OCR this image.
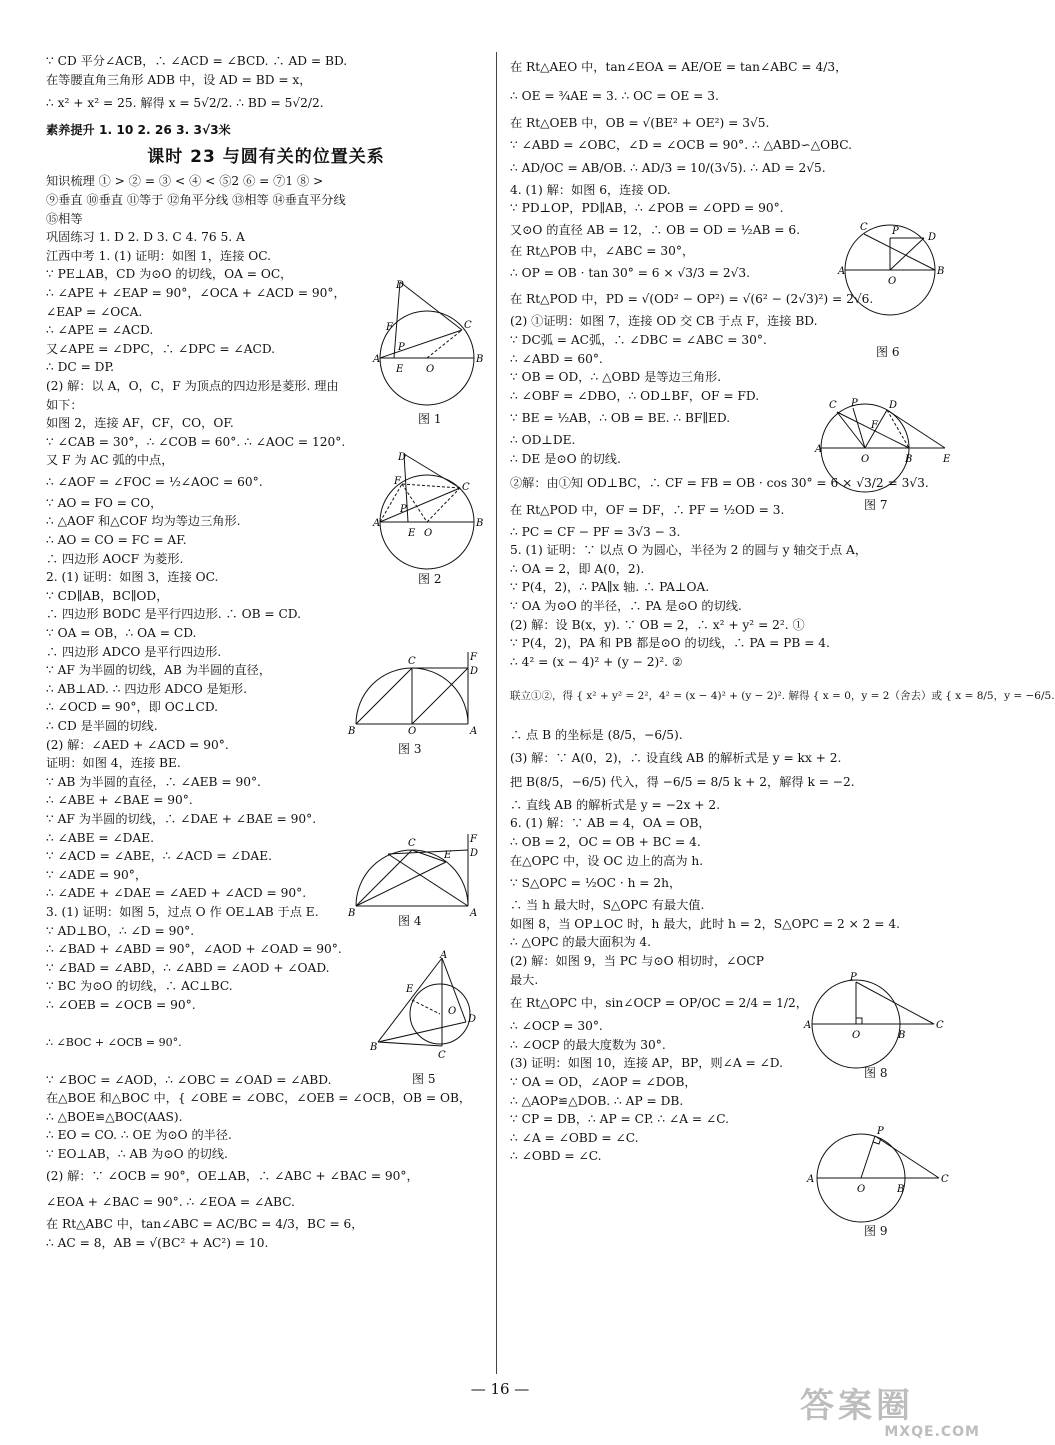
∵ CD 平分∠ACB，∴ ∠ACD = ∠BCD. ∴ AD = BD.
在等腰直角三角形 ADB 中，设 AD = BD = x，
∴ x² + x² = 25. 解得 x = 5√2/2. ∴ BD = 5√2/2.
素养提升 1. 10 2. 26 3. 3√3米
课时 23 与圆有关的位置关系
知识梳理 ① > ② = ③ < ④ < ⑤2 ⑥ = ⑦1 ⑧ >
⑨垂直 ⑩垂直 ⑪等于 ⑫角平分线 ⑬相等 ⑭垂直平分线
⑮相等
巩固练习 1. D 2. D 3. C 4. 76 5. A
江西中考 1. (1) 证明：如图 1，连接 OC.
∵ PE⊥AB，CD 为⊙O 的切线，OA = OC，
∴ ∠APE + ∠EAP = 90°，∠OCA + ∠ACD = 90°，
∠EAP = ∠OCA.
∴ ∠APE = ∠ACD.
又∠APE = ∠DPC，∴ ∠DPC = ∠ACD.
∴ DC = DP.
(2) 解：以 A，O，C，F 为顶点的四边形是菱形. 理由
如下：
如图 2，连接 AF，CF，CO，OF.
∵ ∠CAB = 30°，∴ ∠COB = 60°. ∴ ∠AOC = 120°.
又 F 为 AC 弧的中点，
∴ ∠AOF = ∠FOC = ½∠AOC = 60°.
∵ AO = FO = CO，
∴ △AOF 和△COF 均为等边三角形.
∴ AO = CO = FC = AF.
∴ 四边形 AOCF 为菱形.
2. (1) 证明：如图 3，连接 OC.
∵ CD∥AB，BC∥OD，
∴ 四边形 BODC 是平行四边形. ∴ OB = CD.
∵ OA = OB，∴ OA = CD.
∴ 四边形 ADCO 是平行四边形.
∵ AF 为半圆的切线，AB 为半圆的直径，
∴ AB⊥AD. ∴ 四边形 ADCO 是矩形.
∴ ∠OCD = 90°，即 OC⊥CD.
∴ CD 是半圆的切线.
(2) 解：∠AED + ∠ACD = 90°.
证明：如图 4，连接 BE.
∵ AB 为半圆的直径，∴ ∠AEB = 90°.
∴ ∠ABE + ∠BAE = 90°.
∵ AF 为半圆的切线，∴ ∠DAE + ∠BAE = 90°.
∴ ∠ABE = ∠DAE.
∵ ∠ACD = ∠ABE，∴ ∠ACD = ∠DAE.
∵ ∠ADE = 90°，
∴ ∠ADE + ∠DAE = ∠AED + ∠ACD = 90°.
3. (1) 证明：如图 5，过点 O 作 OE⊥AB 于点 E.
∵ AD⊥BO，∴ ∠D = 90°.
∴ ∠BAD + ∠ABD = 90°，∠AOD + ∠OAD = 90°.
∵ ∠BAD = ∠ABD，∴ ∠ABD = ∠AOD + ∠OAD.
∵ BC 为⊙O 的切线，∴ AC⊥BC.
∴ ∠OEB = ∠OCB = 90°.
∴ ∠BOC + ∠OCB = 90°.
∵ ∠BOC = ∠AOD，∴ ∠OBC = ∠OAD = ∠ABD.
在△BOE 和△BOC 中，{ ∠OBE = ∠OBC，∠OEB = ∠OCB，OB = OB，
∴ △BOE≌△BOC(AAS).
∴ EO = CO. ∴ OE 为⊙O 的半径.
∵ EO⊥AB，∴ AB 为⊙O 的切线.
(2) 解：∵ ∠OCB = 90°，OE⊥AB，∴ ∠ABC + ∠BAC = 90°，
∠EOA + ∠BAC = 90°. ∴ ∠EOA = ∠ABC.
在 Rt△ABC 中，tan∠ABC = AC/BC = 4/3，BC = 6，
∴ AC = 8，AB = √(BC² + AC²) = 10.
在 Rt△AEO 中，tan∠EOA = AE/OE = tan∠ABC = 4/3，
∴ OE = ¾AE = 3. ∴ OC = OE = 3.
在 Rt△OEB 中，OB = √(BE² + OE²) = 3√5.
∵ ∠ABD = ∠OBC，∠D = ∠OCB = 90°. ∴ △ABD∽△OBC.
∴ AD/OC = AB/OB. ∴ AD/3 = 10/(3√5). ∴ AD = 2√5.
4. (1) 解：如图 6，连接 OD.
∵ PD⊥OP，PD∥AB，∴ ∠POB = ∠OPD = 90°.
又⊙O 的直径 AB = 12，∴ OB = OD = ½AB = 6.
在 Rt△POB 中，∠ABC = 30°，
∴ OP = OB · tan 30° = 6 × √3/3 = 2√3.
在 Rt△POD 中，PD = √(OD² − OP²) = √(6² − (2√3)²) = 2√6.
(2) ①证明：如图 7，连接 OD 交 CB 于点 F，连接 BD.
∵ DC弧 = AC弧，∴ ∠DBC = ∠ABC = 30°.
∴ ∠ABD = 60°.
∵ OB = OD，∴ △OBD 是等边三角形.
∴ ∠OBF = ∠DBO，∴ OD⊥BF，OF = FD.
∵ BE = ½AB，∴ OB = BE. ∴ BF∥ED.
∴ OD⊥DE.
∴ DE 是⊙O 的切线.
②解：由①知 OD⊥BC，∴ CF = FB = OB · cos 30° = 6 × √3/2 = 3√3.
在 Rt△POD 中，OF = DF，∴ PF = ½OD = 3.
∴ PC = CF − PF = 3√3 − 3.
5. (1) 证明：∵ 以点 O 为圆心，半径为 2 的圆与 y 轴交于点 A，
∴ OA = 2，即 A(0，2).
∵ P(4，2)，∴ PA∥x 轴. ∴ PA⊥OA.
∵ OA 为⊙O 的半径，∴ PA 是⊙O 的切线.
(2) 解：设 B(x，y). ∵ OB = 2，∴ x² + y² = 2². ①
∵ P(4，2)，PA 和 PB 都是⊙O 的切线，∴ PA = PB = 4.
∴ 4² = (x − 4)² + (y − 2)². ②
联立①②，得 { x² + y² = 2²，4² = (x − 4)² + (y − 2)². 解得 { x = 0，y = 2（舍去）或 { x = 8/5，y = −6/5.
∴ 点 B 的坐标是 (8/5，−6/5).
(3) 解：∵ A(0，2)，∴ 设直线 AB 的解析式是 y = kx + 2.
把 B(8/5，−6/5) 代入，得 −6/5 = 8/5 k + 2，解得 k = −2.
∴ 直线 AB 的解析式是 y = −2x + 2.
6. (1) 解：∵ AB = 4，OA = OB，
∴ OB = 2，OC = OB + BC = 4.
在△OPC 中，设 OC 边上的高为 h.
∵ S△OPC = ½OC · h = 2h，
∴ 当 h 最大时，S△OPC 有最大值.
如图 8，当 OP⊥OC 时，h 最大，此时 h = 2，S△OPC = 2 × 2 = 4.
∴ △OPC 的最大面积为 4.
(2) 解：如图 9，当 PC 与⊙O 相切时，∠OCP
最大.
在 Rt△OPC 中，sin∠OCP = OP/OC = 2/4 = 1/2，
∴ ∠OCP = 30°.
∴ ∠OCP 的最大度数为 30°.
(3) 证明：如图 10，连接 AP，BP，则∠A = ∠D.
∵ OA = OD，∠AOP = ∠DOB，
∴ △AOP≌△DOB. ∴ AP = DB.
∵ CP = DB，∴ AP = CP. ∴ ∠A = ∠C.
∴ ∠A = ∠OBD = ∠C.
∴ ∠OBD = ∠C.
D
C
F
A	B
E O
P
图 1
D
C
F
A	B
E O
P
图 2
C	F
D
B	O	A
图 3
C
E
F
D
B	A
图 4
A
E
D
O
B
C
图 5
C P
D
A	B
O
图 6
C P	D
F
A
O	B	E
图 7
P
A
O	B
C
图 8
P
A
O	B
C
图 9
— 16 —	答案圈
MXQE.COM
